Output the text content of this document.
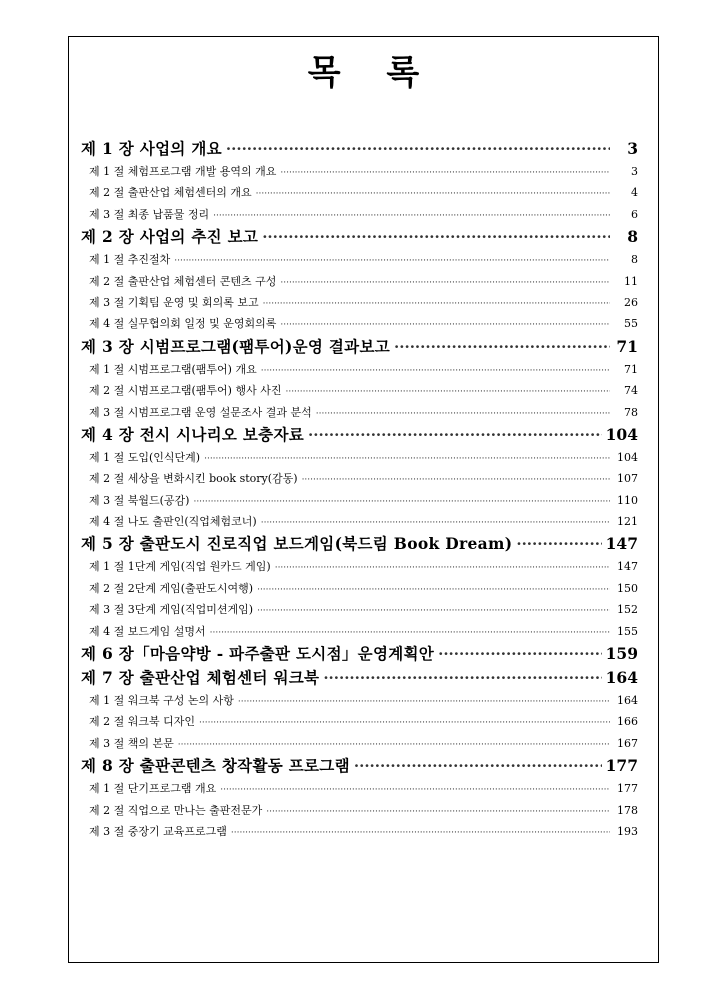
목 록
제 1 장 사업의 개요 ·····	3
제 1 절 체험프로그램 개발 용역의 개요 ·····	3
제 2 절 출판산업 체험센터의 개요 ·····	4
제 3 절 최종 납품물 정리 ·····	6
제 2 장 사업의 추진 보고 ·····	8
제 1 절 추진절차 ·····	8
제 2 절 출판산업 체험센터 콘텐츠 구성 ·····	11
제 3 절 기획팀 운영 및 회의록 보고 ·····	26
제 4 절 실무협의회 일정 및 운영회의록 ·····	55
제 3 장 시범프로그램(팸투어)운영 결과보고 ·····	71
제 1 절 시범프로그램(팸투어) 개요 ·····	71
제 2 절 시범프로그램(팸투어) 행사 사진 ·····	74
제 3 절 시범프로그램 운영 설문조사 결과 분석 ·····	78
제 4 장 전시 시나리오 보충자료 ·····	104
제 1 절 도입(인식단계) ·····	104
제 2 절 세상을 변화시킨 book story(감동) ·····	107
제 3 절 북월드(공감) ·····	110
제 4 절 나도 출판인(직업체험코너) ·····	121
제 5 장 출판도시 진로직업 보드게임(북드림 Book Dream) ·····	147
제 1 절 1단계 게임(직업 원카드 게임) ·····	147
제 2 절 2단계 게임(출판도시여행) ·····	150
제 3 절 3단계 게임(직업미션게임) ·····	152
제 4 절 보드게임 설명서 ·····	155
제 6 장「마음약방 - 파주출판 도시점」운영계획안 ·····	159
제 7 장 출판산업 체험센터 워크북 ·····	164
제 1 절 워크북 구성 논의 사항 ·····	164
제 2 절 워크북 디자인 ·····	166
제 3 절 책의 본문 ·····	167
제 8 장 출판콘텐츠 창작활동 프로그램 ·····	177
제 1 절 단기프로그램 개요 ·····	177
제 2 절 직업으로 만나는 출판전문가 ·····	178
제 3 절 중장기 교육프로그램 ·····	193
